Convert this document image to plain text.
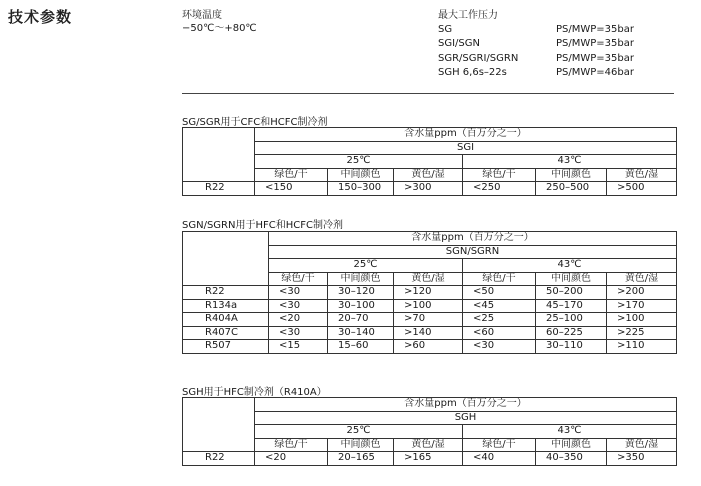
技术参数	环境温度
−50℃～+80℃
最大工作压力
SG	PS/MWP=35bar
SGI/SGN	PS/MWP=35bar
SGR/SGRI/SGRN	PS/MWP=35bar
SGH 6,6s–22s	PS/MWP=46bar
SG/SGR用于CFC和HCFC制冷剂
	含水量ppm（百万分之一）					
	SGI					
	25℃			43℃		
	绿色/干	中间颜色	黄色/湿	绿色/干	中间颜色	黄色/湿
R22	<150	150–300	>300	<250	250–500	>500
SGN/SGRN用于HFC和HCFC制冷剂
	含水量ppm（百万分之一）					
	SGN/SGRN					
	25℃			43℃		
	绿色/干	中间颜色	黄色/湿	绿色/干	中间颜色	黄色/湿
R22	<30	30–120	>120	<50	50–200	>200
R134a	<30	30–100	>100	<45	45–170	>170
R404A	<20	20–70	>70	<25	25–100	>100
R407C	<30	30–140	>140	<60	60–225	>225
R507	<15	15–60	>60	<30	30–110	>110
SGH用于HFC制冷剂（R410A）
	含水量ppm（百万分之一）					
	SGH					
	25℃			43℃		
	绿色/干	中间颜色	黄色/湿	绿色/干	中间颜色	黄色/湿
R22	<20	20–165	>165	<40	40–350	>350
